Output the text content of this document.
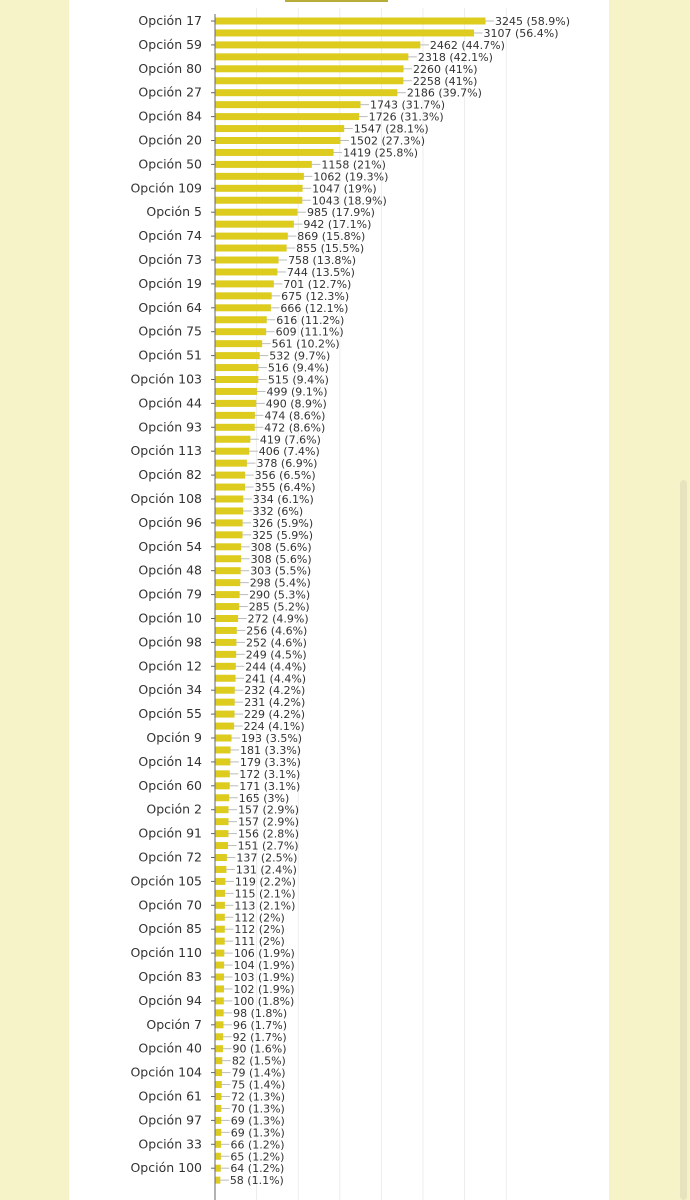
3245 (58.9%)
Opción 17
3107 (56.4%)
2462 (44.7%)
Opción 59
2318 (42.1%)
2260 (41%)
Opción 80
2258 (41%)
2186 (39.7%)
Opción 27
1743 (31.7%)
1726 (31.3%)
Opción 84
1547 (28.1%)
1502 (27.3%)
Opción 20
1419 (25.8%)
1158 (21%)
Opción 50
1062 (19.3%)
1047 (19%)
Opción 109
1043 (18.9%)
985 (17.9%)
Opción 5
942 (17.1%)
869 (15.8%)
Opción 74
855 (15.5%)
758 (13.8%)
Opción 73
744 (13.5%)
701 (12.7%)
Opción 19
675 (12.3%)
666 (12.1%)
Opción 64
616 (11.2%)
609 (11.1%)
Opción 75
561 (10.2%)
532 (9.7%)
Opción 51
516 (9.4%)
515 (9.4%)
Opción 103
499 (9.1%)
490 (8.9%)
Opción 44
474 (8.6%)
472 (8.6%)
Opción 93
419 (7.6%)
406 (7.4%)
Opción 113
378 (6.9%)
356 (6.5%)
Opción 82
355 (6.4%)
334 (6.1%)
Opción 108
332 (6%)
326 (5.9%)
Opción 96
325 (5.9%)
308 (5.6%)
Opción 54
308 (5.6%)
303 (5.5%)
Opción 48
298 (5.4%)
290 (5.3%)
Opción 79
285 (5.2%)
272 (4.9%)
Opción 10
256 (4.6%)
252 (4.6%)
Opción 98
249 (4.5%)
244 (4.4%)
Opción 12
241 (4.4%)
232 (4.2%)
Opción 34
231 (4.2%)
229 (4.2%)
Opción 55
224 (4.1%)
193 (3.5%)
Opción 9
181 (3.3%)
179 (3.3%)
Opción 14
172 (3.1%)
171 (3.1%)
Opción 60
165 (3%)
157 (2.9%)
Opción 2
157 (2.9%)
156 (2.8%)
Opción 91
151 (2.7%)
137 (2.5%)
Opción 72
131 (2.4%)
119 (2.2%)
Opción 105
115 (2.1%)
113 (2.1%)
Opción 70
112 (2%)
112 (2%)
Opción 85
111 (2%)
106 (1.9%)
Opción 110
104 (1.9%)
103 (1.9%)
Opción 83
102 (1.9%)
100 (1.8%)
Opción 94
98 (1.8%)
96 (1.7%)
Opción 7
92 (1.7%)
90 (1.6%)
Opción 40
82 (1.5%)
79 (1.4%)
Opción 104
75 (1.4%)
72 (1.3%)
Opción 61
70 (1.3%)
69 (1.3%)
Opción 97
69 (1.3%)
66 (1.2%)
Opción 33
65 (1.2%)
64 (1.2%)
Opción 100
58 (1.1%)
